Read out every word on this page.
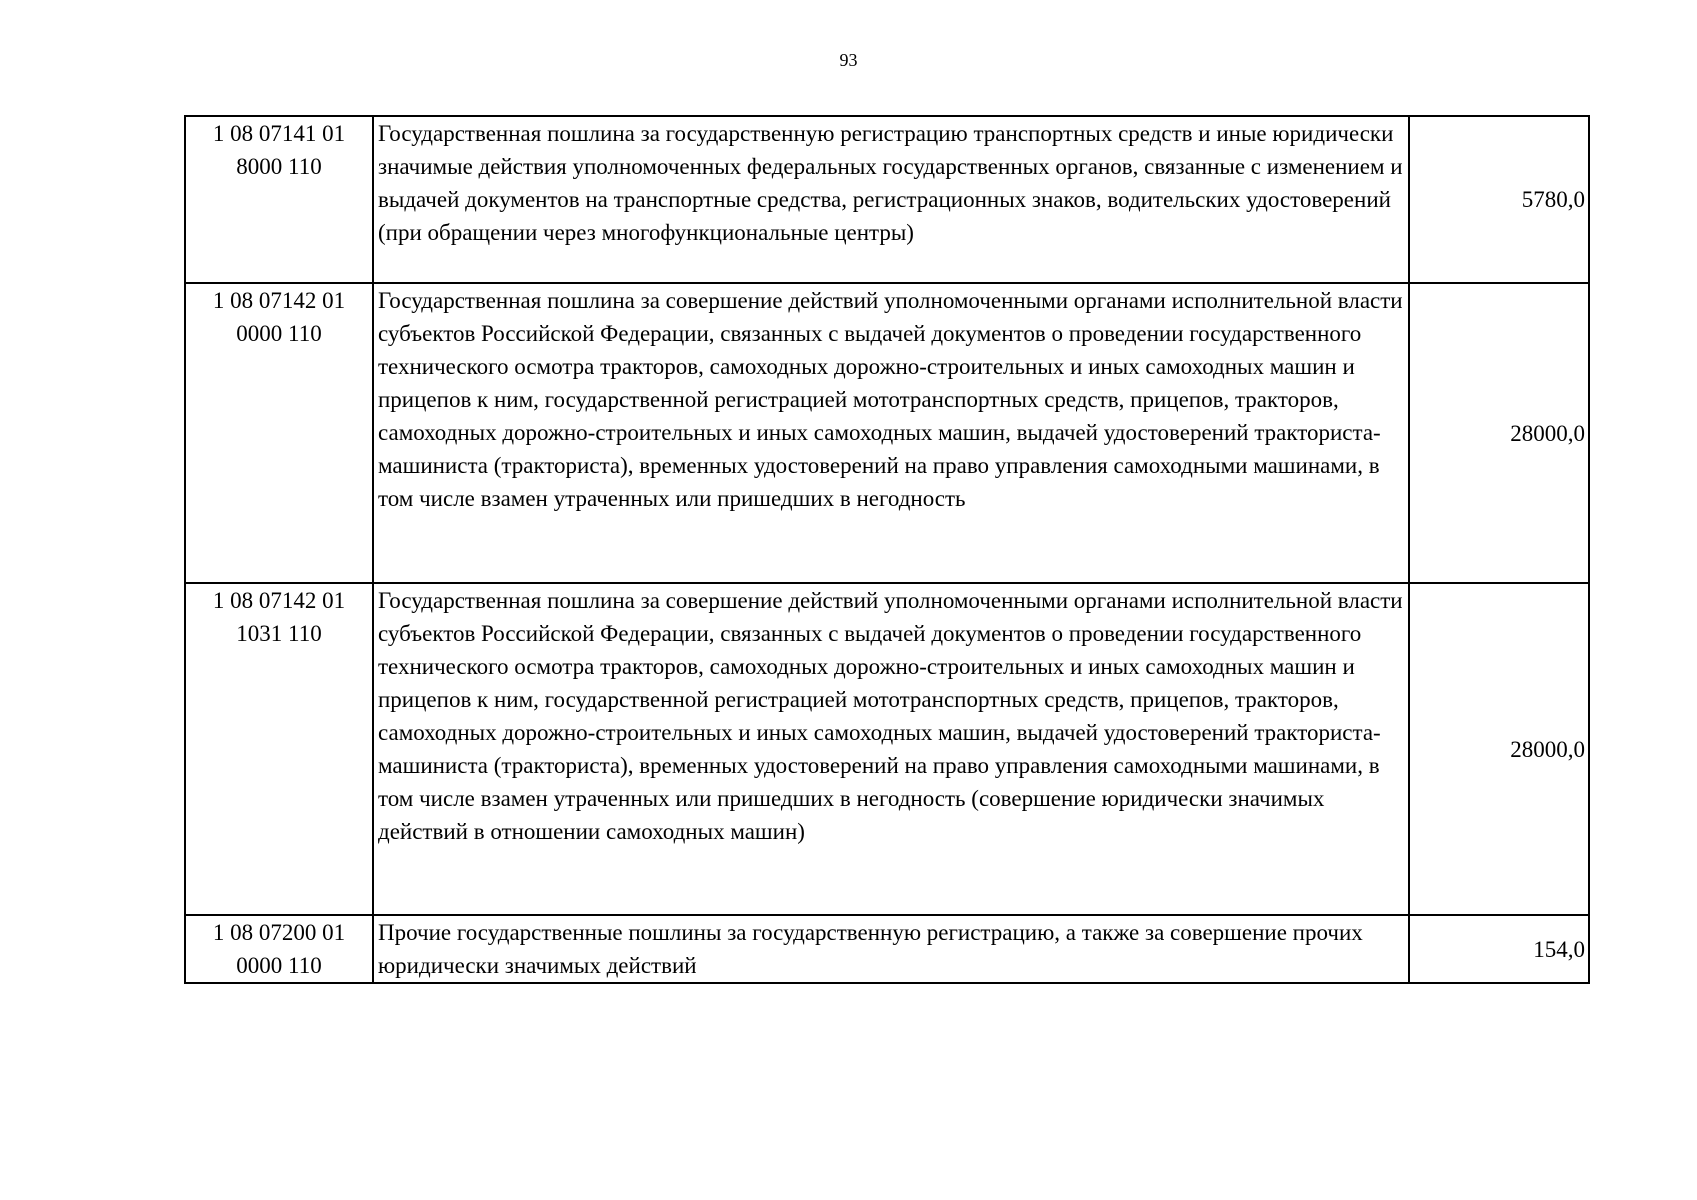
93
1 08 07141 01
8000 110	Государственная пошлина за государственную регистрацию транспортных средств и иные юридически значимые действия уполномоченных федеральных государственных органов, связанные с изменением и выдачей документов на транспортные средства, регистрационных знаков, водительских удостоверений (при обращении через многофункциональные центры)	5780,0

1 08 07142 01
0000 110	Государственная пошлина за совершение действий уполномоченными органами исполнительной власти субъектов Российской Федерации, связанных с выдачей документов о проведении государственного технического осмотра тракторов, самоходных дорожно-строительных и иных самоходных машин и прицепов к ним, государственной регистрацией мототранспортных средств, прицепов, тракторов, самоходных дорожно-строительных и иных самоходных машин, выдачей удостоверений тракториста-машиниста (тракториста), временных удостоверений на право управления самоходными машинами, в том числе взамен утраченных или пришедших в негодность	28000,0

1 08 07142 01
1031 110	Государственная пошлина за совершение действий уполномоченными органами исполнительной власти субъектов Российской Федерации, связанных с выдачей документов о проведении государственного технического осмотра тракторов, самоходных дорожно-строительных и иных самоходных машин и прицепов к ним, государственной регистрацией мототранспортных средств, прицепов, тракторов, самоходных дорожно-строительных и иных самоходных машин, выдачей удостоверений тракториста-машиниста (тракториста), временных удостоверений на право управления самоходными машинами, в том числе взамен утраченных или пришедших в негодность (совершение юридически значимых действий в отношении самоходных машин)	28000,0

1 08 07200 01
0000 110	Прочие государственные пошлины за государственную регистрацию, а также за совершение прочих юридически значимых действий	154,0
